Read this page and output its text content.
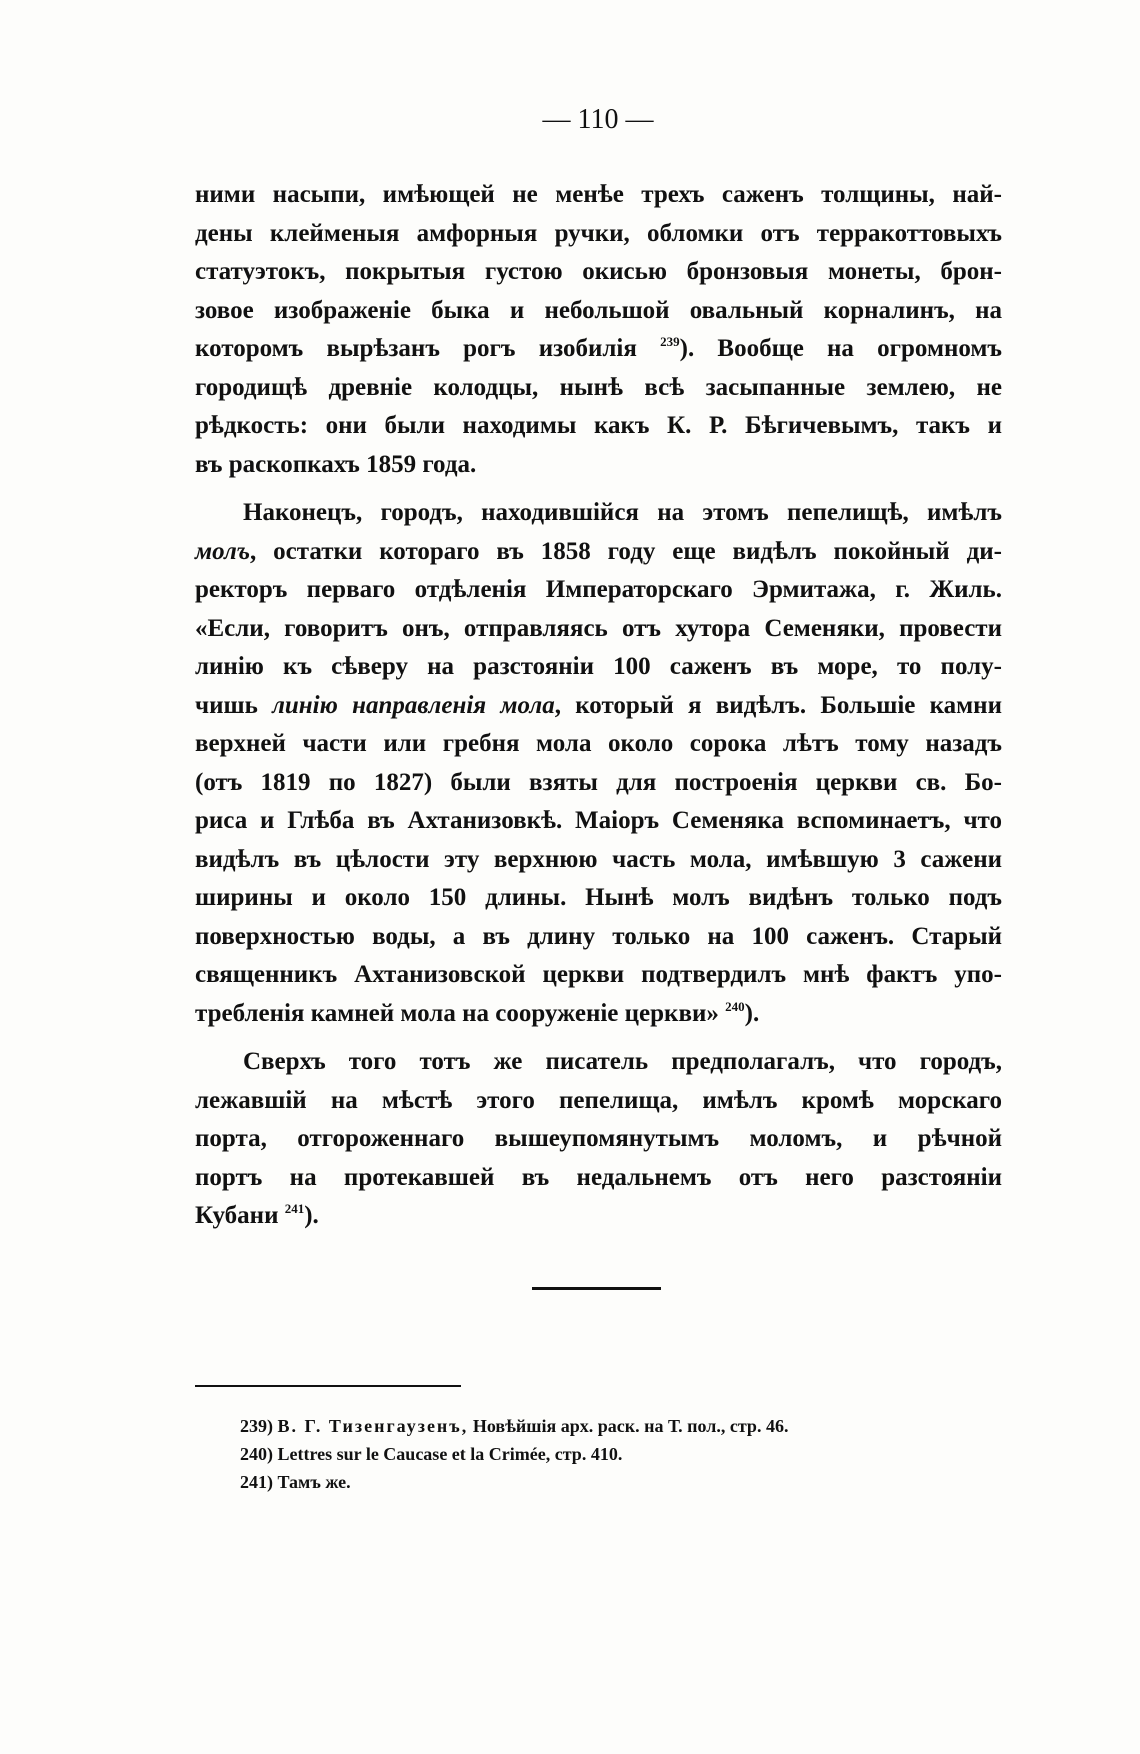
— 110 —
ними насыпи, имѣющей не менѣе трехъ саженъ толщины, най-
дены клейменыя амфорныя ручки, обломки отъ терракоттовыхъ
статуэтокъ, покрытыя густою окисью бронзовыя монеты, брон-
зовое изображеніе быка и небольшой овальный корналинъ, на
которомъ вырѣзанъ рогъ изобилія $^{239}$). Вообще на огромномъ
городищѣ древніе колодцы, нынѣ всѣ засыпанные землею, не
рѣдкость: они были находимы какъ К. Р. Бѣгичевымъ, такъ и
въ раскопкахъ 1859 года.
Наконецъ, городъ, находившійся на этомъ пепелищѣ, имѣлъ
молъ, остатки котораго въ 1858 году еще видѣлъ покойный ди-
ректоръ перваго отдѣленія Императорскаго Эрмитажа, г. Жиль.
«Если, говоритъ онъ, отправляясь отъ хутора Семеняки, провести
линію къ сѣверу на разстояніи 100 саженъ въ море, то полу-
чишь линію направленія мола, который я видѣлъ. Большіе камни
верхней части или гребня мола около сорока лѣтъ тому назадъ
(отъ 1819 по 1827) были взяты для построенія церкви св. Бо-
риса и Глѣба въ Ахтанизовкѣ. Маіоръ Семеняка вспоминаетъ, что
видѣлъ въ цѣлости эту верхнюю часть мола, имѣвшую 3 сажени
ширины и около 150 длины. Нынѣ молъ видѣнъ только подъ
поверхностью воды, а въ длину только на 100 саженъ. Старый
священникъ Ахтанизовской церкви подтвердилъ мнѣ фактъ упо-
требленія камней мола на сооруженіе церкви» $^{240}$).
Сверхъ того тотъ же писатель предполагалъ, что городъ,
лежавшій на мѣстѣ этого пепелища, имѣлъ кромѣ морскаго
порта, отгороженнаго вышеупомянутымъ моломъ, и рѣчной
портъ на протекавшей въ недальнемъ отъ него разстояніи
Кубани $^{241}$).
239) В. Г. Тизенгаузенъ, Новѣйшія арх. раск. на Т. пол., стр. 46.
240) Lettres sur le Caucase et la Crimée, стр. 410.
241) Тамъ же.
